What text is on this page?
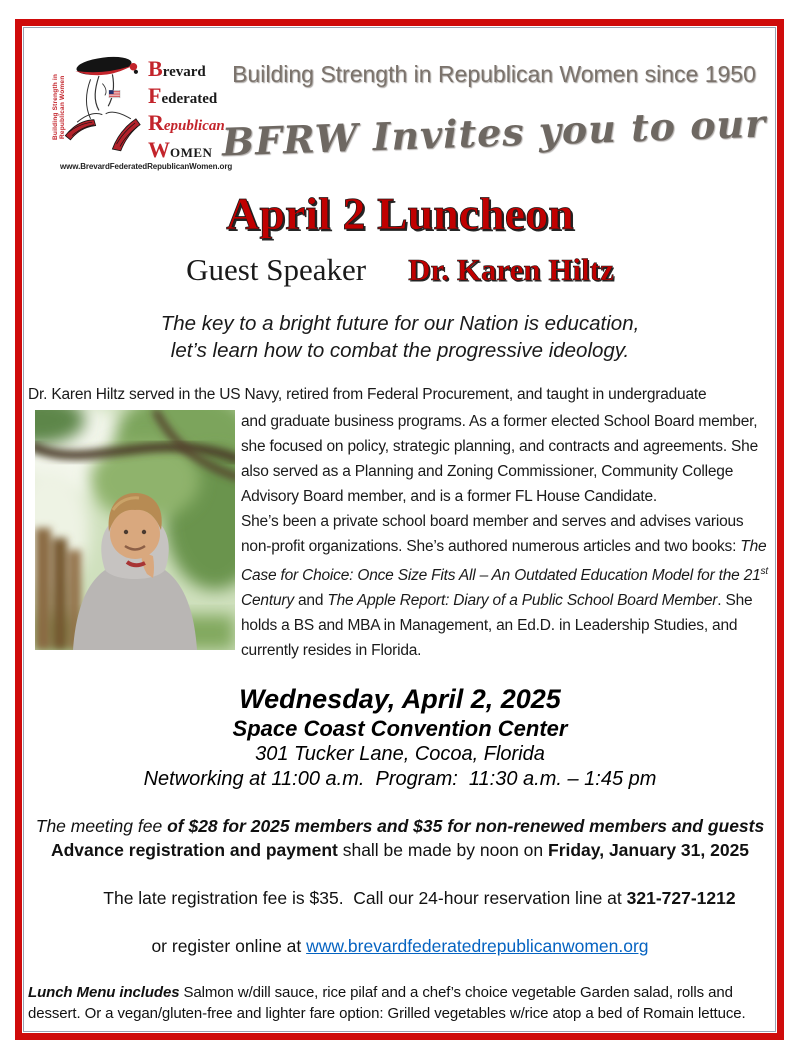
Building Strength in Republican Women
Brevard
Federated
Republican
WOMEN
www.BrevardFederatedRepublicanWomen.org
Building Strength in Republican Women since 1950
BFRW Invites you to our
April 2 Luncheon
Guest Speaker Dr. Karen Hiltz
The key to a bright future for our Nation is education,
let’s learn how to combat the progressive ideology.
Dr. Karen Hiltz served in the US Navy, retired from Federal Procurement, and taught in undergraduate
and graduate business programs. As a former elected School Board member, she focused on policy, strategic planning, and contracts and agreements. She also served as a Planning and Zoning Commissioner, Community College Advisory Board member, and is a former FL House Candidate.
She’s been a private school board member and serves and advises various non-profit organizations. She’s authored numerous articles and two books: The Case for Choice: Once Size Fits All – An Outdated Education Model for the 21st Century and The Apple Report: Diary of a Public School Board Member. She holds a BS and MBA in Management, an Ed.D. in Leadership Studies, and currently resides in Florida.
Wednesday, April 2, 2025
Space Coast Convention Center
301 Tucker Lane, Cocoa, Florida
Networking at 11:00 a.m.  Program:  11:30 a.m. – 1:45 pm
The meeting fee of $28 for 2025 members and $35 for non-renewed members and guests
Advance registration and payment shall be made by noon on Friday, January 31, 2025

The late registration fee is $35.  Call our 24-hour reservation line at 321-727-1212

or register online at www.brevardfederatedrepublicanwomen.org

Lunch Menu includes Salmon w/dill sauce, rice pilaf and a chef’s choice vegetable Garden salad, rolls and dessert. Or a vegan/gluten-free and lighter fare option: Grilled vegetables w/rice atop a bed of Romain lettuce.
